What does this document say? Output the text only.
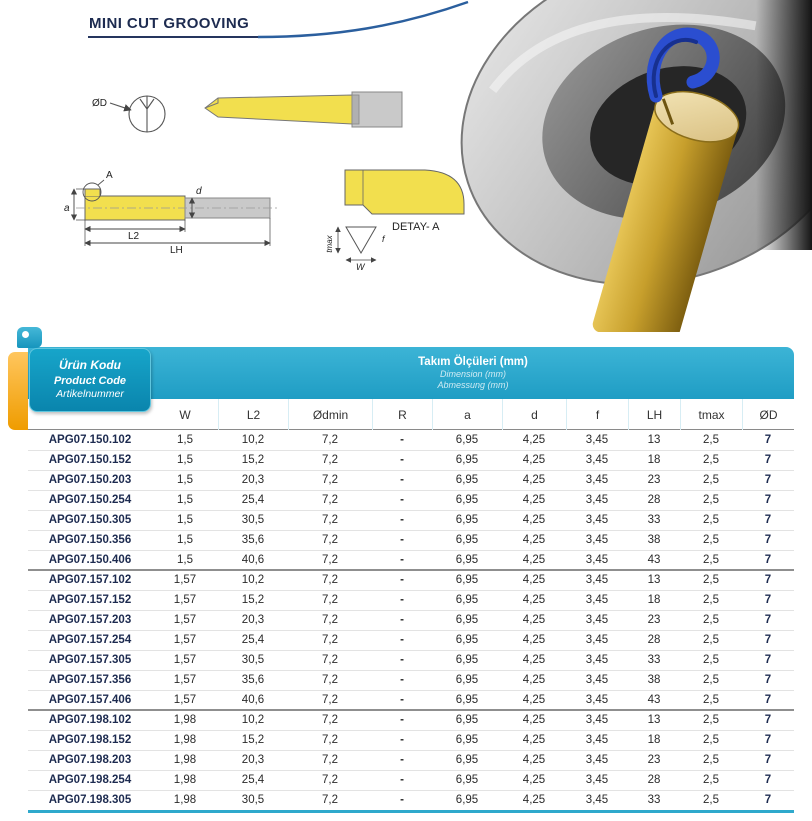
MINI CUT GROOVING
ØD
a
A
d
L2
LH	tmax
W
f
DETAY- A
Ürün Kodu
Product Code
Artikelnummer
Takım Ölçüleri (mm)
Dimension (mm)
Abmessung (mm)
W	L2	Ødmin	R	a	d	f	LH	tmax	ØD
APG07.150.102	1,5	10,2	7,2	-	6,95	4,25	3,45	13	2,5	7
APG07.150.152	1,5	15,2	7,2	-	6,95	4,25	3,45	18	2,5	7
APG07.150.203	1,5	20,3	7,2	-	6,95	4,25	3,45	23	2,5	7
APG07.150.254	1,5	25,4	7,2	-	6,95	4,25	3,45	28	2,5	7
APG07.150.305	1,5	30,5	7,2	-	6,95	4,25	3,45	33	2,5	7
APG07.150.356	1,5	35,6	7,2	-	6,95	4,25	3,45	38	2,5	7
APG07.150.406	1,5	40,6	7,2	-	6,95	4,25	3,45	43	2,5	7
APG07.157.102	1,57	10,2	7,2	-	6,95	4,25	3,45	13	2,5	7
APG07.157.152	1,57	15,2	7,2	-	6,95	4,25	3,45	18	2,5	7
APG07.157.203	1,57	20,3	7,2	-	6,95	4,25	3,45	23	2,5	7
APG07.157.254	1,57	25,4	7,2	-	6,95	4,25	3,45	28	2,5	7
APG07.157.305	1,57	30,5	7,2	-	6,95	4,25	3,45	33	2,5	7
APG07.157.356	1,57	35,6	7,2	-	6,95	4,25	3,45	38	2,5	7
APG07.157.406	1,57	40,6	7,2	-	6,95	4,25	3,45	43	2,5	7
APG07.198.102	1,98	10,2	7,2	-	6,95	4,25	3,45	13	2,5	7
APG07.198.152	1,98	15,2	7,2	-	6,95	4,25	3,45	18	2,5	7
APG07.198.203	1,98	20,3	7,2	-	6,95	4,25	3,45	23	2,5	7
APG07.198.254	1,98	25,4	7,2	-	6,95	4,25	3,45	28	2,5	7
APG07.198.305	1,98	30,5	7,2	-	6,95	4,25	3,45	33	2,5	7
